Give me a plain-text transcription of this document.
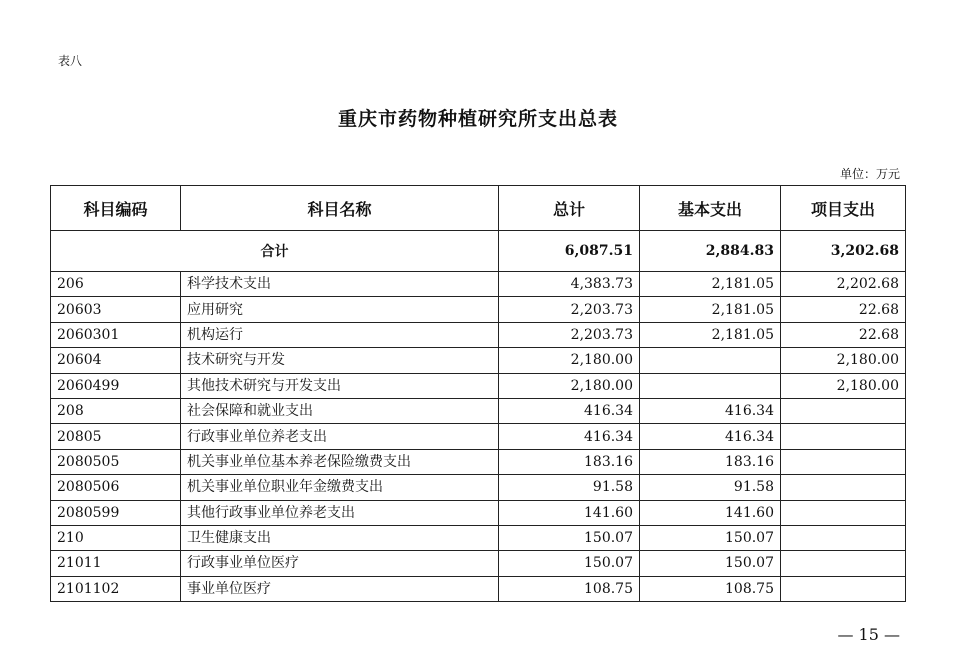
表八
重庆市药物种植研究所支出总表
单位：万元
科目编码	科目名称	总计	基本支出	项目支出
合计		6,087.51	2,884.83	3,202.68
206	科学技术支出	4,383.73	2,181.05	2,202.68
20603	应用研究	2,203.73	2,181.05	22.68
2060301	机构运行	2,203.73	2,181.05	22.68
20604	技术研究与开发	2,180.00		2,180.00
2060499	其他技术研究与开发支出	2,180.00		2,180.00
208	社会保障和就业支出	416.34	416.34	
20805	行政事业单位养老支出	416.34	416.34	
2080505	机关事业单位基本养老保险缴费支出	183.16	183.16	
2080506	机关事业单位职业年金缴费支出	91.58	91.58	
2080599	其他行政事业单位养老支出	141.60	141.60	
210	卫生健康支出	150.07	150.07	
21011	行政事业单位医疗	150.07	150.07	
2101102	事业单位医疗	108.75	108.75	
— 15 —
